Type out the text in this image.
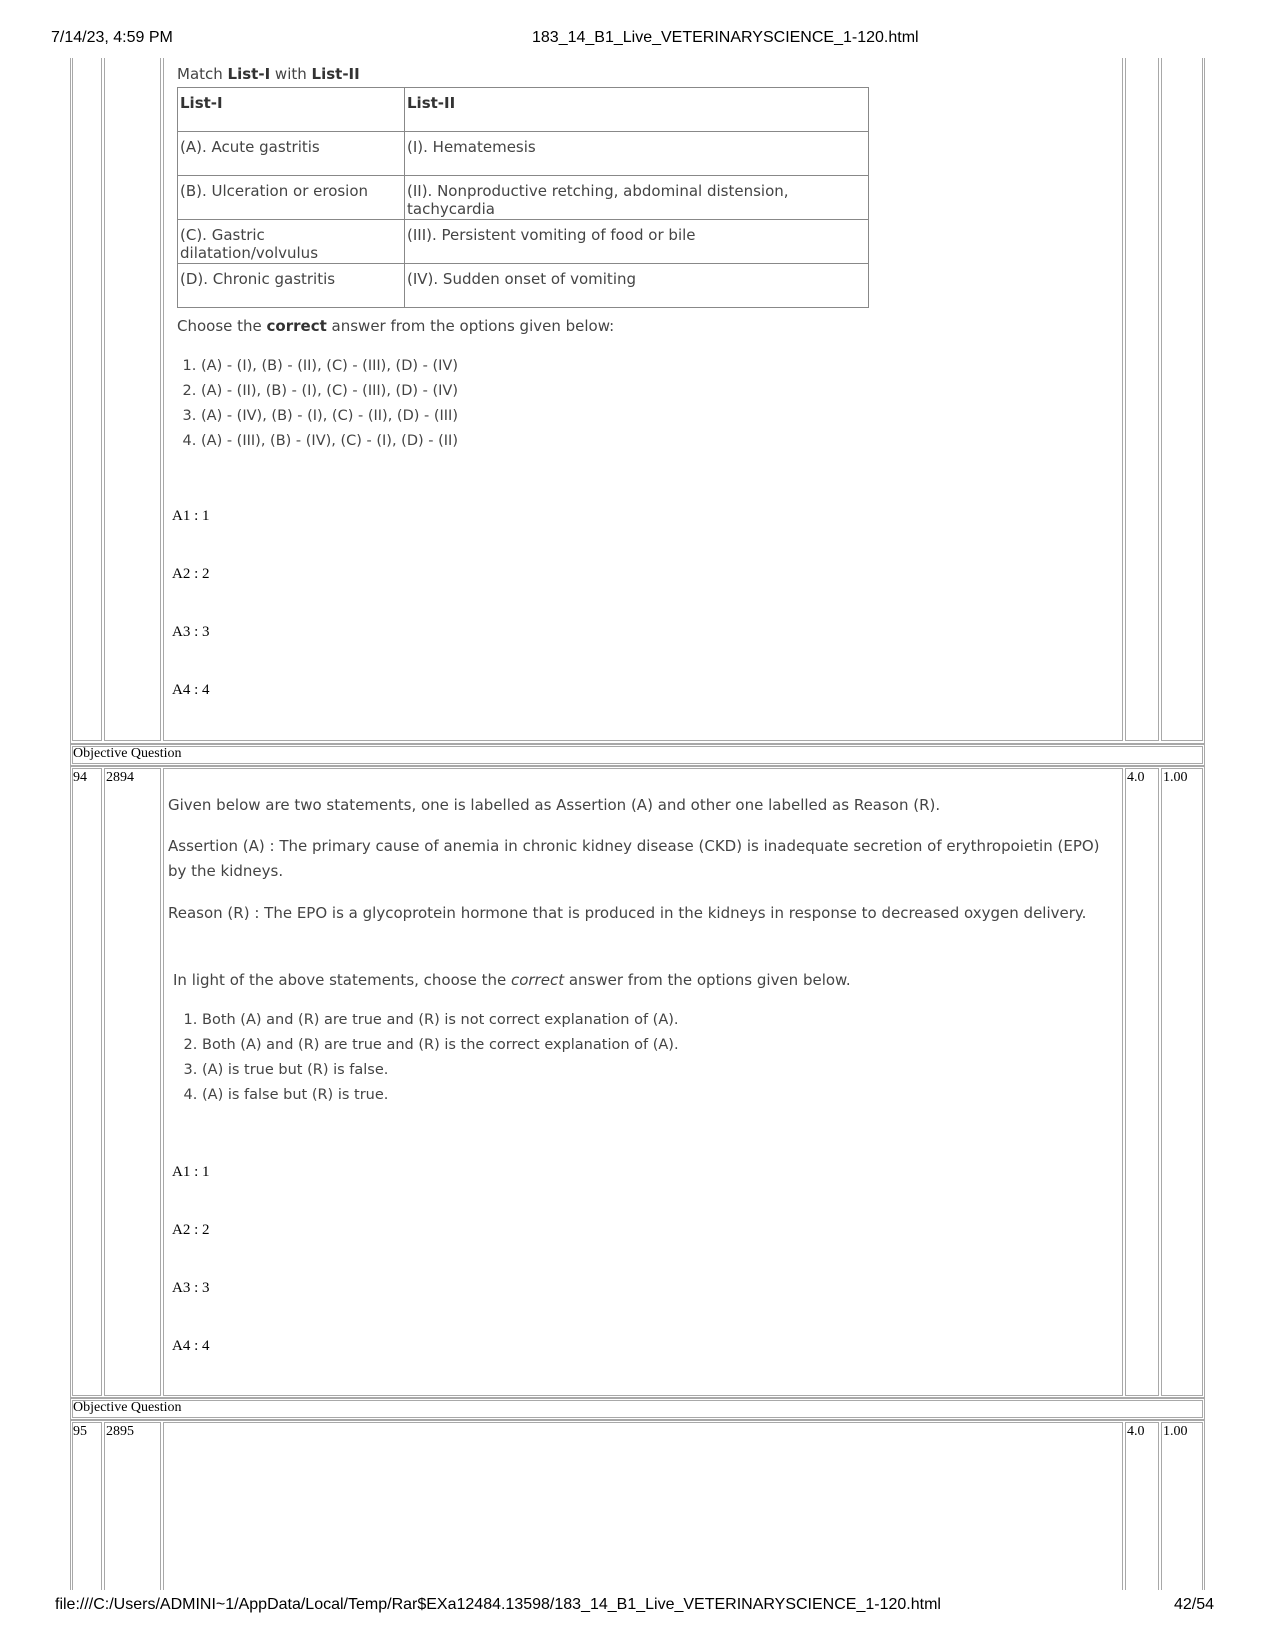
7/14/23, 4:59 PM	183_14_B1_Live_VETERINARYSCIENCE_1-120.html
Match List-I with List-II
List-I	List-II
(A). Acute gastritis	(I). Hematemesis
(B). Ulceration or erosion	(II). Nonproductive retching, abdominal distension, tachycardia
(C). Gastric dilatation/volvulus	(III). Persistent vomiting of food or bile
(D). Chronic gastritis	(IV). Sudden onset of vomiting
Choose the correct answer from the options given below:
1. (A) - (I), (B) - (II), (C) - (III), (D) - (IV)
2. (A) - (II), (B) - (I), (C) - (III), (D) - (IV)
3. (A) - (IV), (B) - (I), (C) - (II), (D) - (III)
4. (A) - (III), (B) - (IV), (C) - (I), (D) - (II)
A1 : 1
A2 : 2
A3 : 3
A4 : 4
Objective Question
94 2894	4.0 1.00
Given below are two statements, one is labelled as Assertion (A) and other one labelled as Reason (R).
Assertion (A) : The primary cause of anemia in chronic kidney disease (CKD) is inadequate secretion of erythropoietin (EPO) by the kidneys.
Reason (R) : The EPO is a glycoprotein hormone that is produced in the kidneys in response to decreased oxygen delivery.
In light of the above statements, choose the correct answer from the options given below.
1. Both (A) and (R) are true and (R) is not correct explanation of (A).
2. Both (A) and (R) are true and (R) is the correct explanation of (A).
3. (A) is true but (R) is false.
4. (A) is false but (R) is true.
A1 : 1
A2 : 2
A3 : 3
A4 : 4
Objective Question
95 2895	4.0 1.00
file:///C:/Users/ADMINI~1/AppData/Local/Temp/Rar$EXa12484.13598/183_14_B1_Live_VETERINARYSCIENCE_1-120.html	42/54
